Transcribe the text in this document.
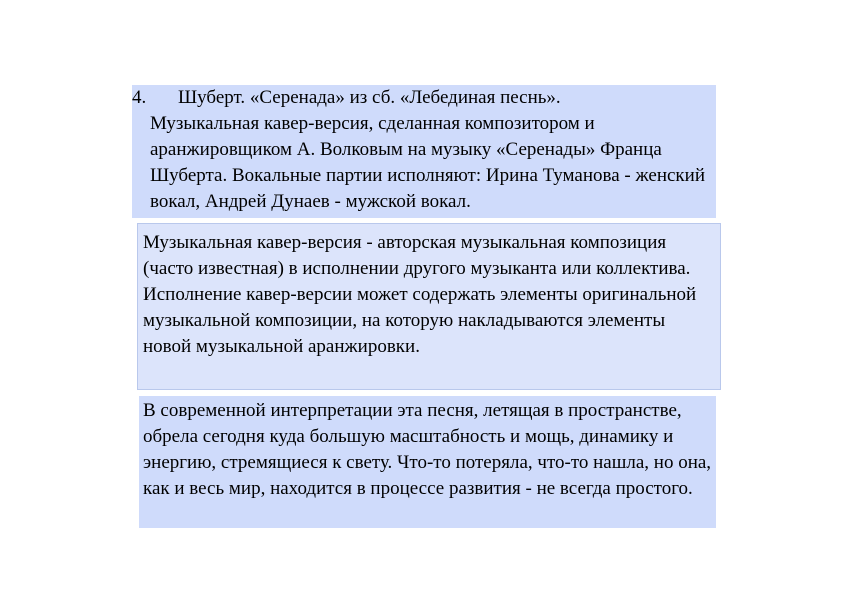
4. Шуберт. «Серенада» из сб. «Лебединая песнь».
Музыкальная кавер-версия, сделанная композитором и аранжировщиком А. Волковым на музыку «Серенады» Франца Шуберта. Вокальные партии исполняют: Ирина Туманова - женский вокал, Андрей Дунаев - мужской вокал.
Музыкальная кавер-версия - авторская музыкальная композиция (часто известная) в исполнении другого музыканта или коллектива. Исполнение кавер-версии может содержать элементы оригинальной музыкальной композиции, на которую накладываются элементы новой музыкальной аранжировки.
В современной интерпретации эта песня, летящая в пространстве, обрела сегодня куда большую масштабность и мощь, динамику и энергию, стремящиеся к свету. Что-то потеряла, что-то нашла, но она, как и весь мир, находится в процессе развития - не всегда простого.
